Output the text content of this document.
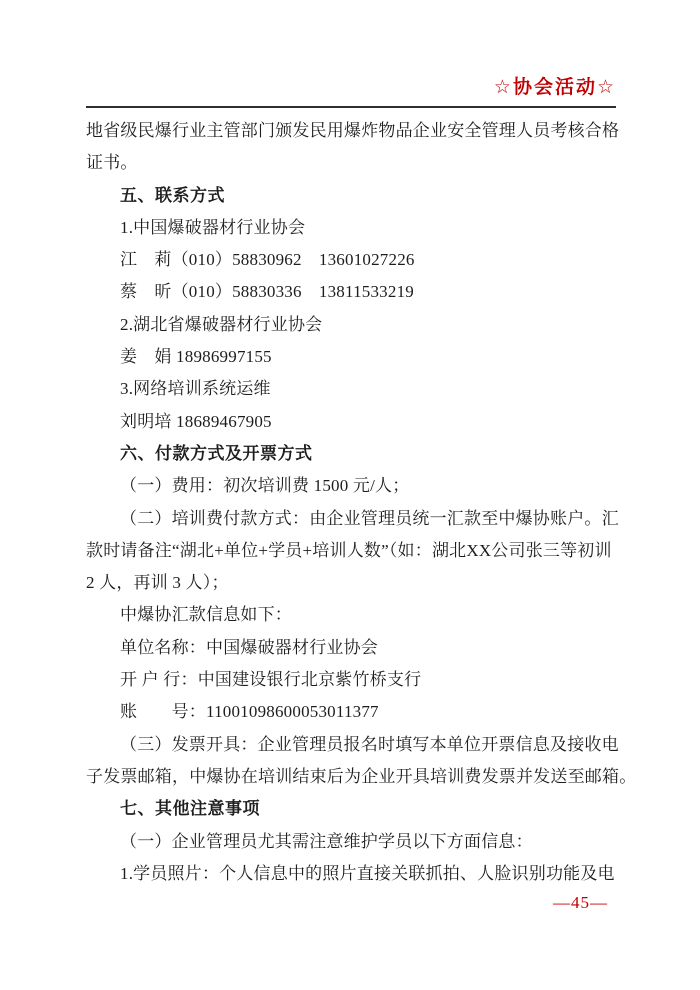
☆协会活动☆
地省级民爆行业主管部门颁发民用爆炸物品企业安全管理人员考核合格
证书。
五、联系方式
1.中国爆破器材行业协会
江　莉（010）58830962　13601027226
蔡　昕（010）58830336　13811533219
2.湖北省爆破器材行业协会
姜　娟 18986997155
3.网络培训系统运维
刘明培 18689467905
六、付款方式及开票方式
（一）费用：初次培训费 1500 元/人；
（二）培训费付款方式：由企业管理员统一汇款至中爆协账户。汇
款时请备注“湖北+单位+学员+培训人数”（如：湖北XX公司张三等初训
2 人，再训 3 人）；
中爆协汇款信息如下：
单位名称：中国爆破器材行业协会
开 户 行：中国建设银行北京紫竹桥支行
账　　号：11001098600053011377
（三）发票开具：企业管理员报名时填写本单位开票信息及接收电
子发票邮箱，中爆协在培训结束后为企业开具培训费发票并发送至邮箱。
七、其他注意事项
（一）企业管理员尤其需注意维护学员以下方面信息：
1.学员照片：个人信息中的照片直接关联抓拍、人脸识别功能及电
—45—
